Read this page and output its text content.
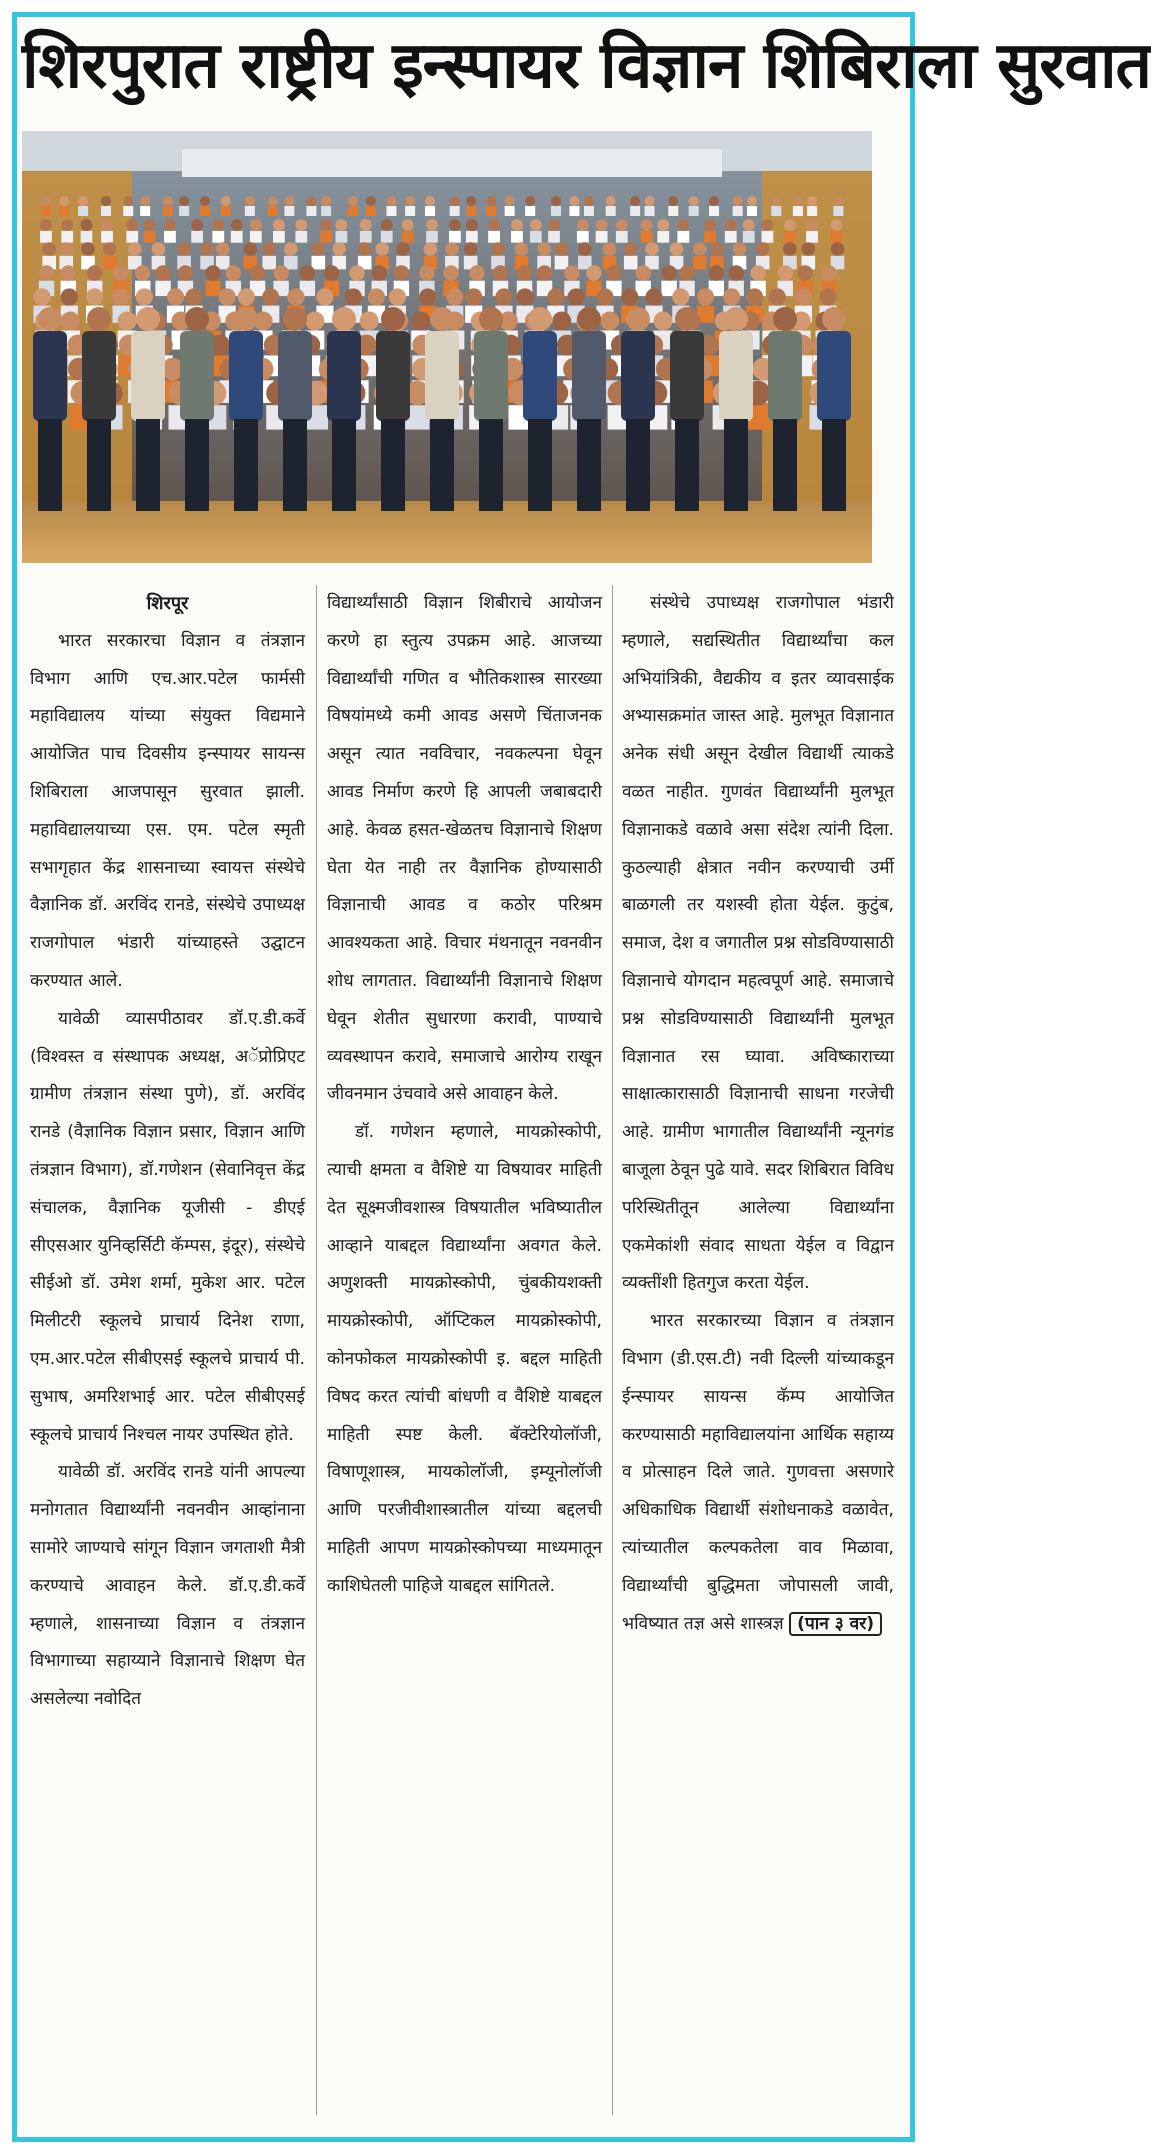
शिरपुरात राष्ट्रीय इन्स्पायर विज्ञान शिबिराला सुरवात

शिरपूर

भारत सरकारचा विज्ञान व तंत्रज्ञान विभाग आणि एच.आर.पटेल फार्मसी महाविद्यालय यांच्या संयुक्त विद्यमाने आयोजित पाच दिवसीय इन्स्पायर सायन्स शिबिराला आजपासून सुरवात झाली. महाविद्यालयाच्या एस. एम. पटेल स्मृती सभागृहात केंद्र शासनाच्या स्वायत्त संस्थेचे वैज्ञानिक डॉ. अरविंद रानडे, संस्थेचे उपाध्यक्ष राजगोपाल भंडारी यांच्याहस्ते उद्घाटन करण्यात आले.

यावेळी व्यासपीठावर डॉ.ए.डी.कर्वे (विश्वस्त व संस्थापक अध्यक्ष, अॅप्रोप्रिएट ग्रामीण तंत्रज्ञान संस्था पुणे), डॉ. अरविंद रानडे (वैज्ञानिक विज्ञान प्रसार, विज्ञान आणि तंत्रज्ञान विभाग), डॉ.गणेशन (सेवानिवृत्त केंद्र संचालक, वैज्ञानिक यूजीसी - डीएई सीएसआर युनिव्हर्सिटी कॅम्पस, इंदूर), संस्थेचे सीईओ डॉ. उमेश शर्मा, मुकेश आर. पटेल मिलीटरी स्कूलचे प्राचार्य दिनेश राणा, एम.आर.पटेल सीबीएसई स्कूलचे प्राचार्य पी. सुभाष, अमरिशभाई आर. पटेल सीबीएसई स्कूलचे प्राचार्य निश्चल नायर उपस्थित होते.

यावेळी डॉ. अरविंद रानडे यांनी आपल्या मनोगतात विद्यार्थ्यांनी नवनवीन आव्हांनाना सामोरे जाण्याचे सांगून विज्ञान जगताशी मैत्री करण्याचे आवाहन केले. डॉ.ए.डी.कर्वे म्हणाले, शासनाच्या विज्ञान व तंत्रज्ञान विभागाच्या सहाय्याने विज्ञानाचे शिक्षण घेत असलेल्या नवोदित

विद्यार्थ्यांसाठी विज्ञान शिबीराचे आयोजन करणे हा स्तुत्य उपक्रम आहे. आजच्या विद्यार्थ्यांची गणित व भौतिकशास्त्र सारख्या विषयांमध्ये कमी आवड असणे चिंताजनक असून त्यात नवविचार, नवकल्पना घेवून आवड निर्माण करणे हि आपली जबाबदारी आहे. केवळ हसत-खेळतच विज्ञानाचे शिक्षण घेता येत नाही तर वैज्ञानिक होण्यासाठी विज्ञानाची आवड व कठोर परिश्रम आवश्यकता आहे. विचार मंथनातून नवनवीन शोध लागतात. विद्यार्थ्यांनी विज्ञानाचे शिक्षण घेवून शेतीत सुधारणा करावी, पाण्याचे व्यवस्थापन करावे, समाजाचे आरोग्य राखून जीवनमान उंचवावे असे आवाहन केले.

डॉ. गणेशन म्हणाले, मायक्रोस्कोपी, त्याची क्षमता व वैशिष्टे या विषयावर माहिती देत सूक्ष्मजीवशास्त्र विषयातील भविष्यातील आव्हाने याबद्दल विद्यार्थ्यांना अवगत केले. अणुशक्ती मायक्रोस्कोपी, चुंबकीयशक्ती मायक्रोस्कोपी, ऑप्टिकल मायक्रोस्कोपी, कोनफोकल मायक्रोस्कोपी इ. बद्दल माहिती विषद करत त्यांची बांधणी व वैशिष्टे याबद्दल माहिती स्पष्ट केली. बॅक्टेरियोलॉजी, विषाणूशास्त्र, मायकोलॉजी, इम्यूनोलॉजी आणि परजीवीशास्त्रातील यांच्या बद्दलची माहिती आपण मायक्रोस्कोपच्या माध्यमातून काशिघेतली पाहिजे याबद्दल सांगितले.

संस्थेचे उपाध्यक्ष राजगोपाल भंडारी म्हणाले, सद्यस्थितीत विद्यार्थ्यांचा कल अभियांत्रिकी, वैद्यकीय व इतर व्यावसाईक अभ्यासक्रमांत जास्त आहे. मुलभूत विज्ञानात अनेक संधी असून देखील विद्यार्थी त्याकडे वळत नाहीत. गुणवंत विद्यार्थ्यांनी मुलभूत विज्ञानाकडे वळावे असा संदेश त्यांनी दिला. कुठल्याही क्षेत्रात नवीन करण्याची उर्मी बाळगली तर यशस्वी होता येईल. कुटुंब, समाज, देश व जगातील प्रश्न सोडविण्यासाठी विज्ञानाचे योगदान महत्वपूर्ण आहे. समाजाचे प्रश्न सोडविण्यासाठी विद्यार्थ्यांनी मुलभूत विज्ञानात रस घ्यावा. अविष्काराच्या साक्षात्कारासाठी विज्ञानाची साधना गरजेची आहे. ग्रामीण भागातील विद्यार्थ्यांनी न्यूनगंड बाजूला ठेवून पुढे यावे. सदर शिबिरात विविध परिस्थितीतून आलेल्या विद्यार्थ्यांना एकमेकांशी संवाद साधता येईल व विद्वान व्यक्तींशी हितगुज करता येईल.

भारत सरकारच्या विज्ञान व तंत्रज्ञान विभाग (डी.एस.टी) नवी दिल्ली यांच्याकडून ईन्स्पायर सायन्स कॅम्प आयोजित करण्यासाठी महाविद्यालयांना आर्थिक सहाय्य व प्रोत्साहन दिले जाते. गुणवत्ता असणारे अधिकाधिक विद्यार्थी संशोधनाकडे वळावेत, त्यांच्यातील कल्पकतेला वाव मिळावा, विद्यार्थ्यांची बुद्धिमता जोपासली जावी, भविष्यात तज्ञ असे शास्त्रज्ञ (पान ३ वर)
